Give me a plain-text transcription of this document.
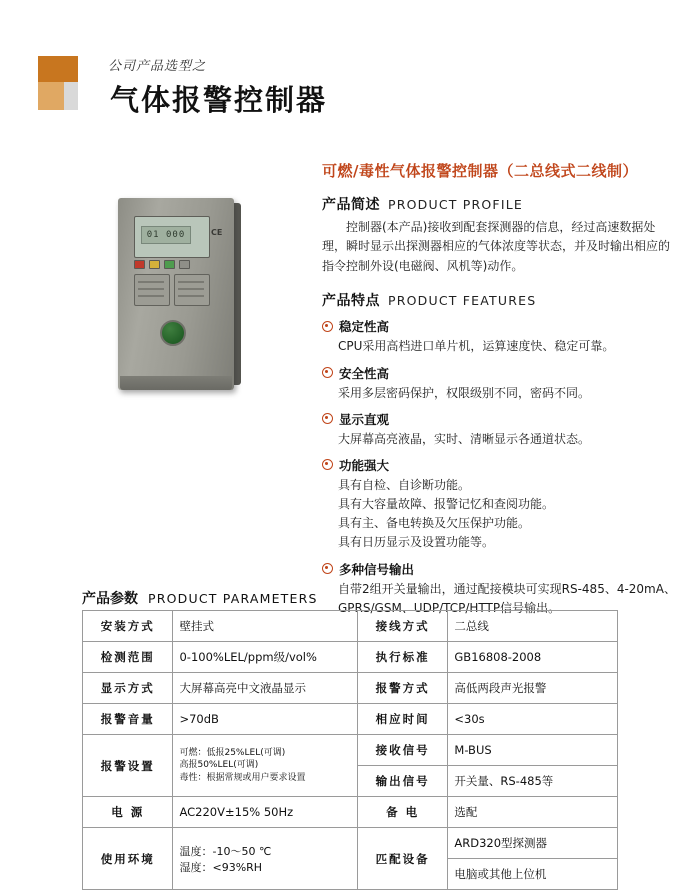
公司产品选型之
气体报警控制器
可燃/毒性气体报警控制器（二总线式二线制）
01 000	CE
产品简述 PRODUCT PROFILE

控制器(本产品)接收到配套探测器的信息，经过高速数据处理，瞬时显示出探测器相应的气体浓度等状态，并及时输出相应的指令控制外设(电磁阀、风机等)动作。

产品特点 PRODUCT FEATURES
稳定性高
CPU采用高档进口单片机，运算速度快、稳定可靠。
安全性高
采用多层密码保护，权限级别不同，密码不同。
显示直观
大屏幕高亮液晶，实时、清晰显示各通道状态。
功能强大
具有自检、自诊断功能。
具有大容量故障、报警记忆和查阅功能。
具有主、备电转换及欠压保护功能。
具有日历显示及设置功能等。
多种信号输出
自带2组开关量输出，通过配接模块可实现RS-485、4-20mA、
GPRS/GSM、UDP/TCP/HTTP信号输出。
产品参数 PRODUCT PARAMETERS
安装方式	壁挂式	接线方式	二总线
检测范围	0-100%LEL/ppm级/vol%	执行标准	GB16808-2008
显示方式	大屏幕高亮中文液晶显示	报警方式	高低两段声光报警
报警音量	>70dB	相应时间	<30s
报警设置	可燃：低报25%LEL(可调)
高报50%LEL(可调)
毒性：根据常规或用户要求设置	接收信号	M-BUS
		输出信号	开关量、RS-485等
电 源	AC220V±15% 50Hz	备 电	选配
使用环境	温度：-10～50 ℃
湿度：<93%RH	匹配设备	ARD320型探测器
			电脑或其他上位机
